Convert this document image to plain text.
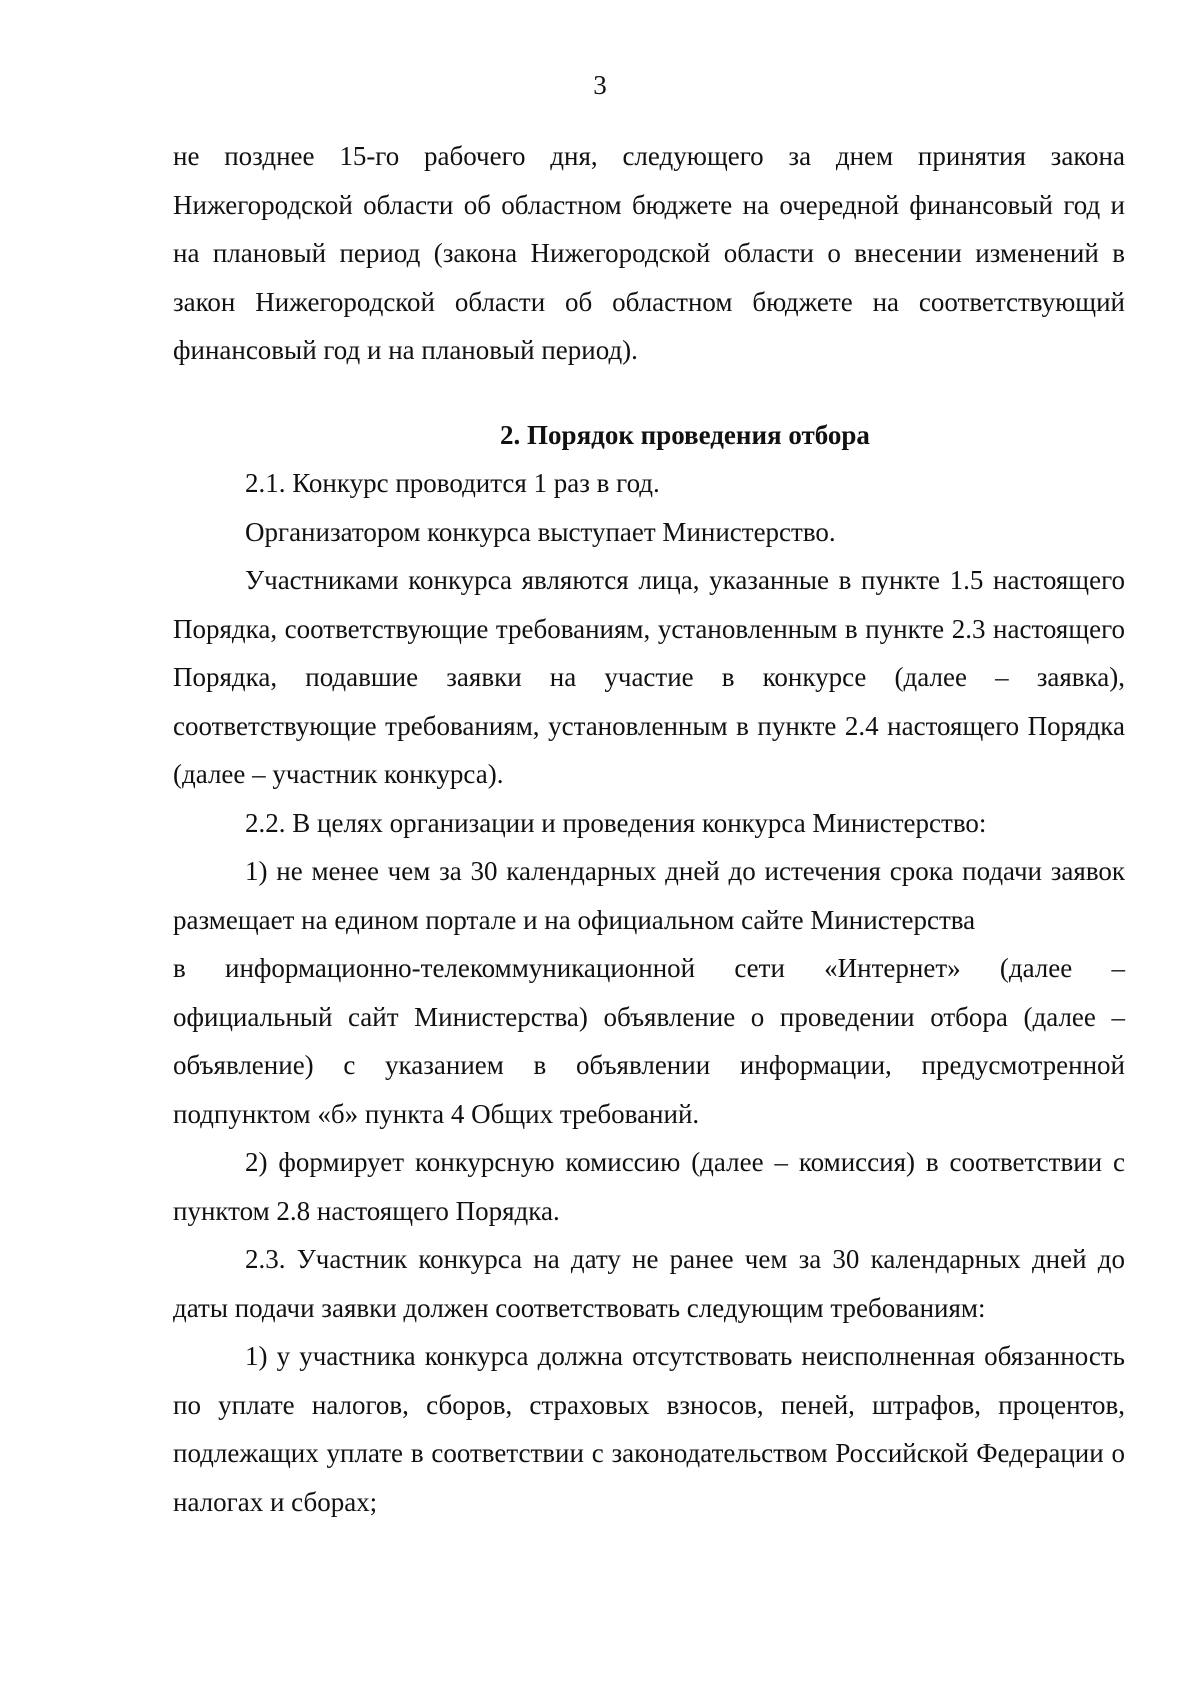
3

не позднее 15-го рабочего дня, следующего за днем принятия закона Нижегородской области об областном бюджете на очередной финансовый год и на плановый период (закона Нижегородской области о внесении изменений в закон Нижегородской области об областном бюджете на соответствующий финансовый год и на плановый период).

2. Порядок проведения отбора

2.1. Конкурс проводится 1 раз в год.

Организатором конкурса выступает Министерство.

Участниками конкурса являются лица, указанные в пункте 1.5 настоящего Порядка, соответствующие требованиям, установленным в пункте 2.3 настоящего Порядка, подавшие заявки на участие в конкурсе (далее – заявка), соответствующие требованиям, установленным в пункте 2.4 настоящего Порядка (далее – участник конкурса).

2.2. В целях организации и проведения конкурса Министерство:

1) не менее чем за 30 календарных дней до истечения срока подачи заявок размещает на едином портале и на официальном сайте Министерства

в информационно-телекоммуникационной сети «Интернет» (далее – официальный сайт Министерства) объявление о проведении отбора (далее – объявление) с указанием в объявлении информации, предусмотренной подпунктом «б» пункта 4 Общих требований.

2) формирует конкурсную комиссию (далее – комиссия) в соответствии с пунктом 2.8 настоящего Порядка.

2.3. Участник конкурса на дату не ранее чем за 30 календарных дней до даты подачи заявки должен соответствовать следующим требованиям:

1) у участника конкурса должна отсутствовать неисполненная обязанность по уплате налогов, сборов, страховых взносов, пеней, штрафов, процентов, подлежащих уплате в соответствии с законодательством Российской Федерации о налогах и сборах;
